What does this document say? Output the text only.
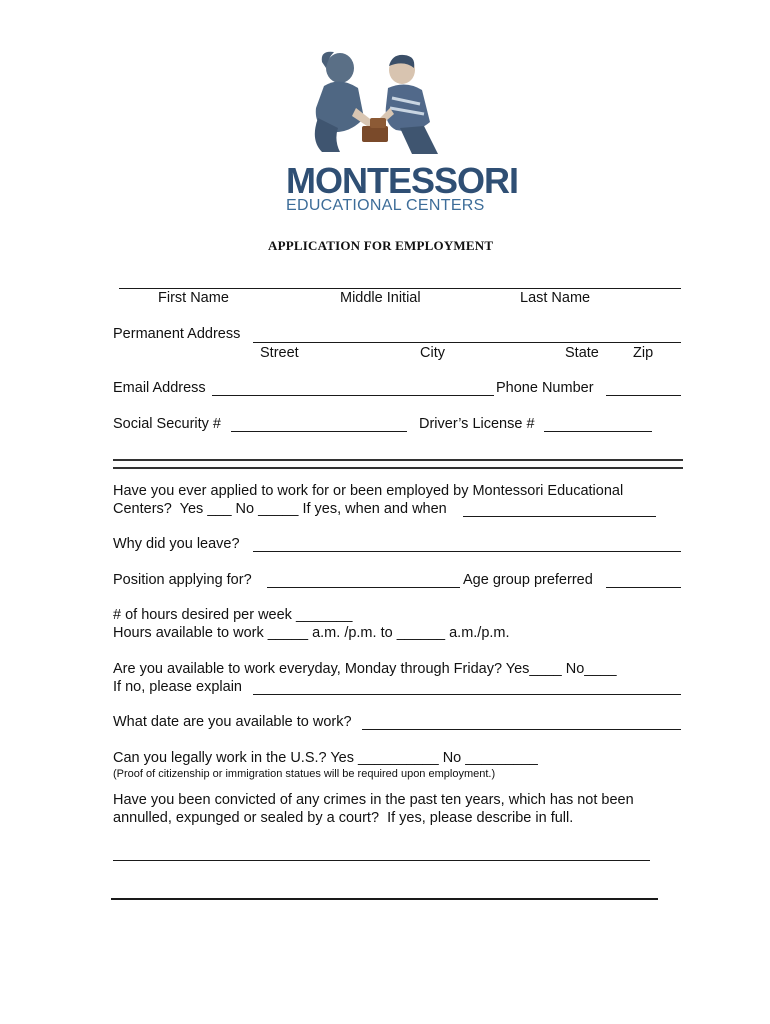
MONTESSORI
EDUCATIONAL CENTERS
APPLICATION FOR EMPLOYMENT
First Name	Middle Initial	Last Name
Permanent Address
Street	City	State Zip
Email Address	Phone Number
Social Security #	Driver’s License #
Have you ever applied to work for or been employed by Montessori Educational
Centers?  Yes ___ No _____ If yes, when and when
Why did you leave?
Position applying for?	Age group preferred
# of hours desired per week _______
Hours available to work _____ a.m. /p.m. to ______ a.m./p.m.
Are you available to work everyday, Monday through Friday? Yes____ No____
If no, please explain
What date are you available to work?
Can you legally work in the U.S.? Yes __________ No _________
(Proof of citizenship or immigration statues will be required upon employment.)
Have you been convicted of any crimes in the past ten years, which has not been
annulled, expunged or sealed by a court?  If yes, please describe in full.
